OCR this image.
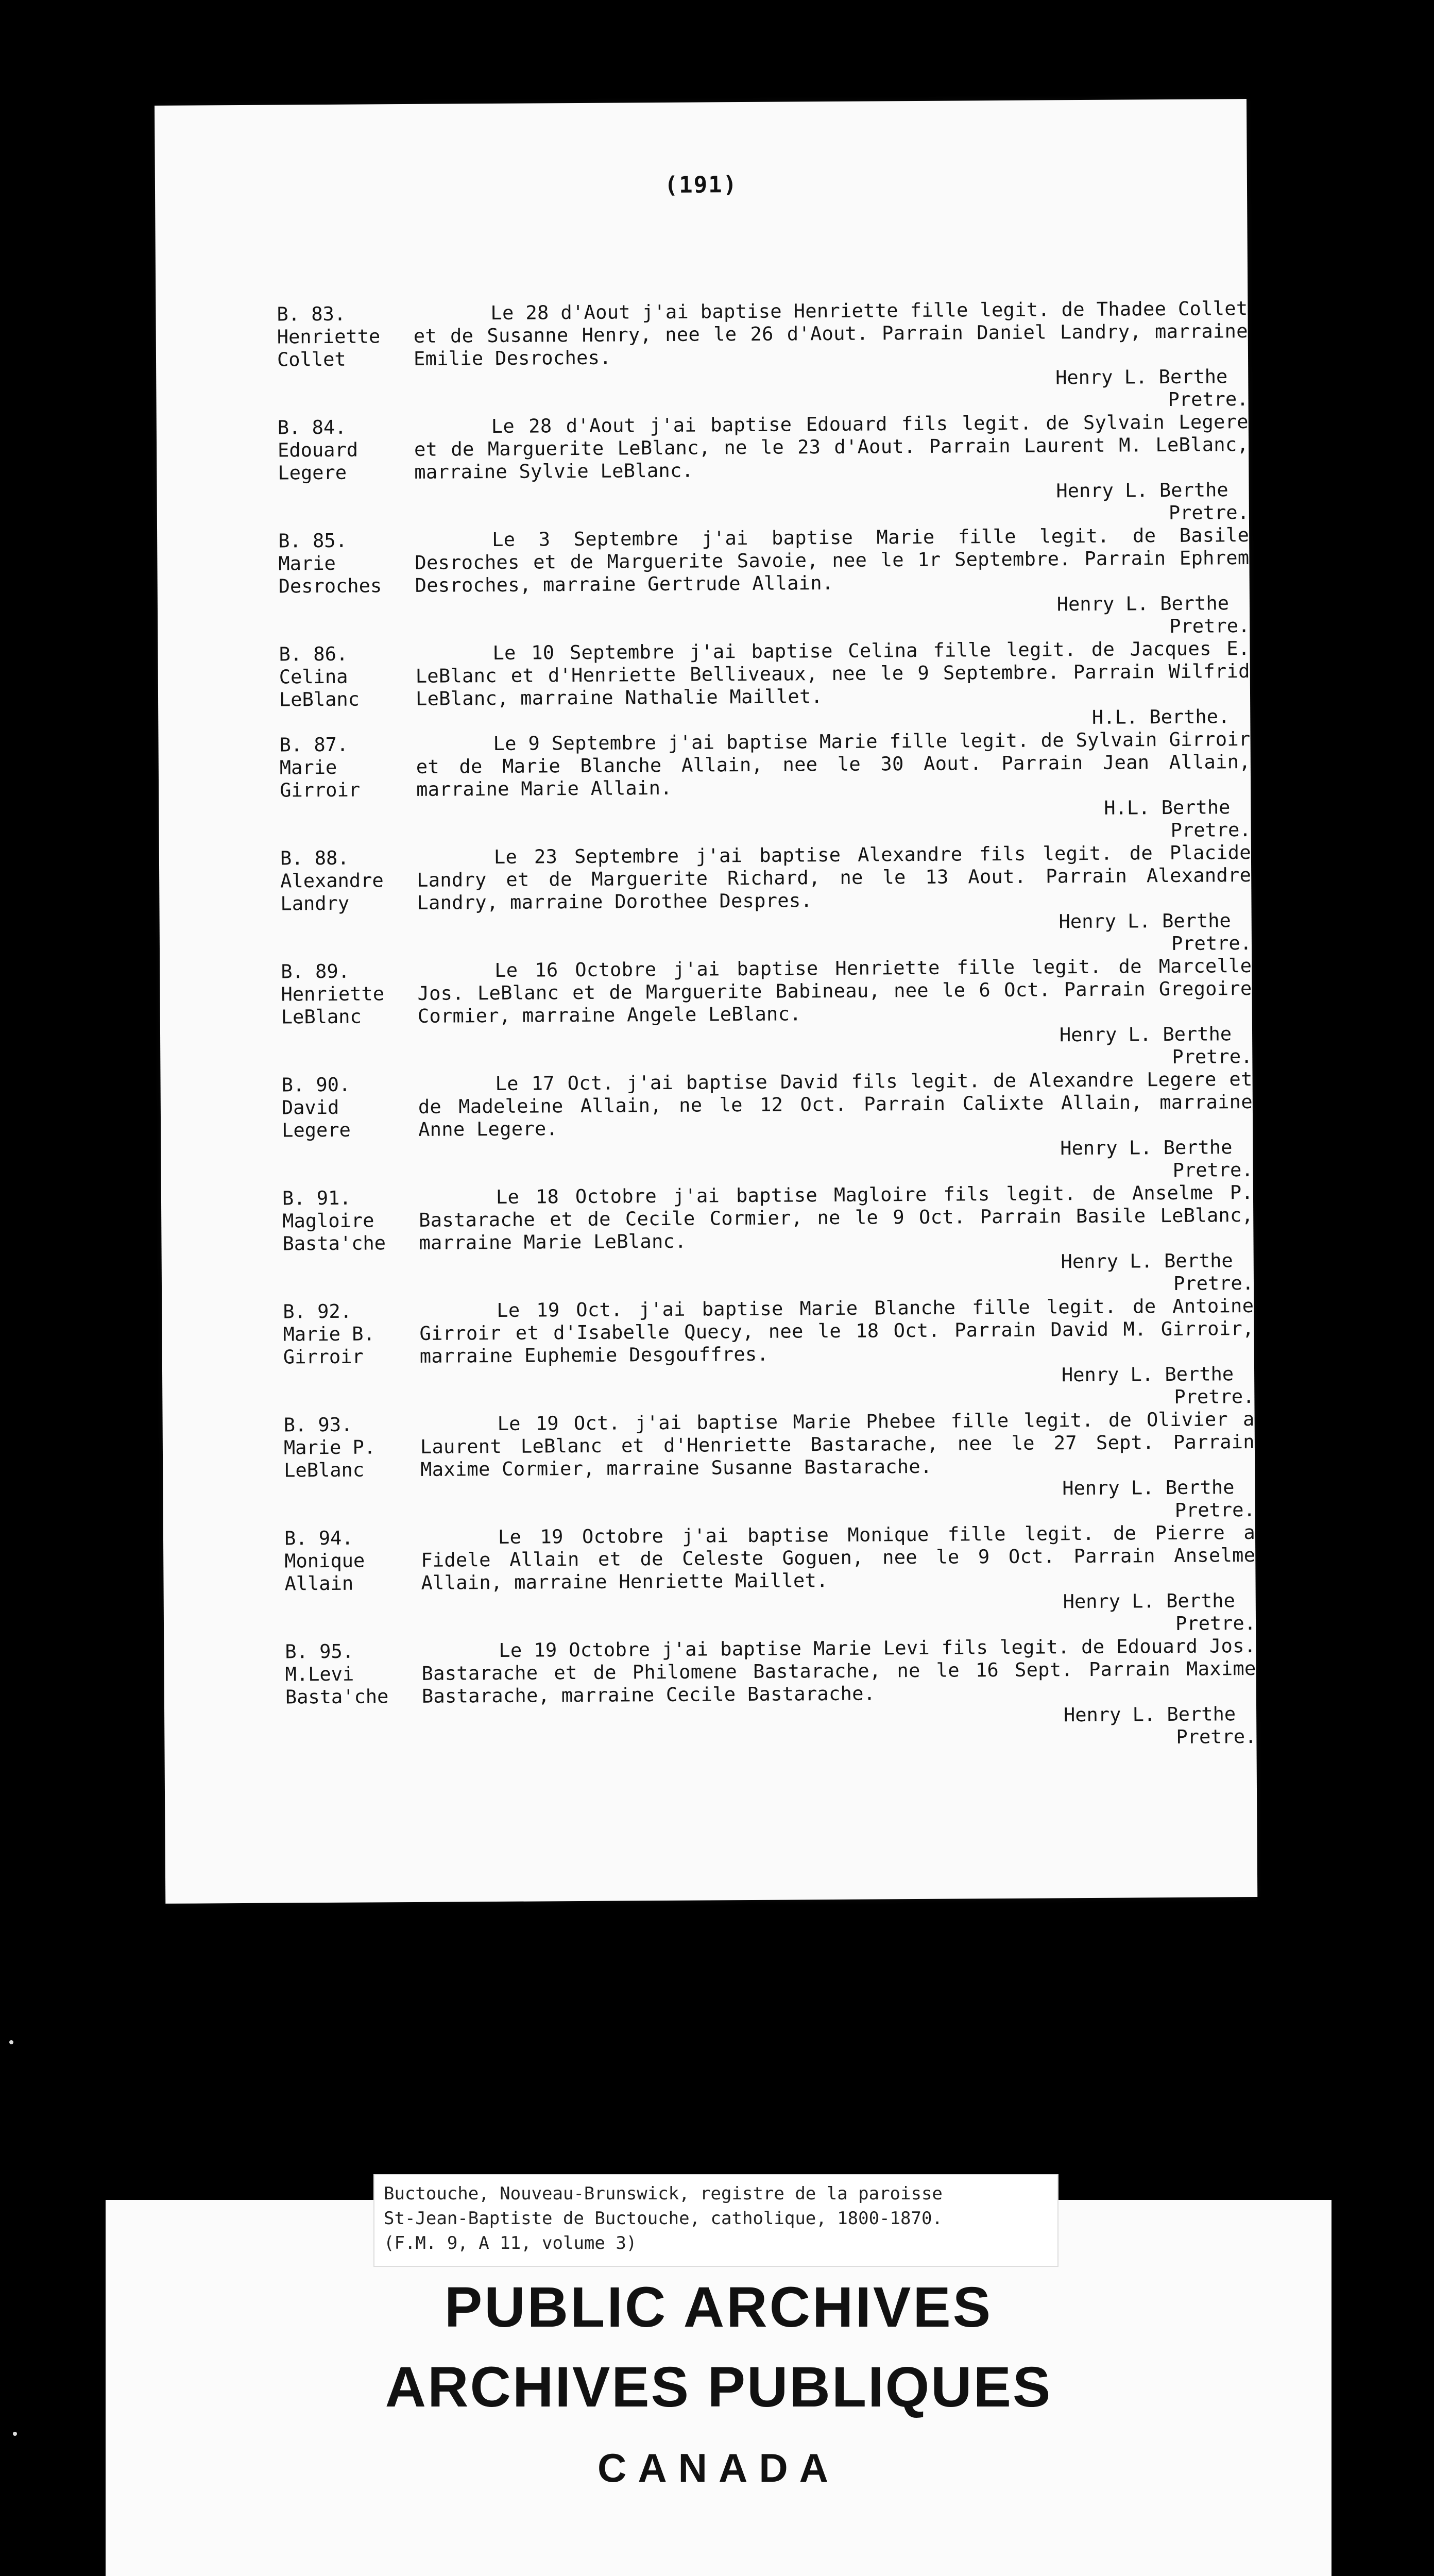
(191)
B. 83.
Henriette
Collet
Le 28 d'Aout j'ai baptise Henriette fille legit. de Thadee Collet et de Susanne Henry, nee le 26 d'Aout. Parrain Daniel Landry, marraine Emilie Desroches.
Henry L. Berthe
Pretre.
B. 84.
Edouard
Legere
Le 28 d'Aout j'ai baptise Edouard fils legit. de Sylvain Legere et de Marguerite LeBlanc, ne le 23 d'Aout. Parrain Laurent M. LeBlanc, marraine Sylvie LeBlanc.
Henry L. Berthe
Pretre.
B. 85.
Marie
Desroches
Le 3 Septembre j'ai baptise Marie fille legit. de Basile Desroches et de Marguerite Savoie, nee le 1r Septembre. Parrain Ephrem Desroches, marraine Gertrude Allain.
Henry L. Berthe
Pretre.
B. 86.
Celina
LeBlanc
Le 10 Septembre j'ai baptise Celina fille legit. de Jacques E. LeBlanc et d'Henriette Belliveaux, nee le 9 Septembre. Parrain Wilfrid LeBlanc, marraine Nathalie Maillet.
H.L. Berthe.
B. 87.
Marie
Girroir
Le 9 Septembre j'ai baptise Marie fille legit. de Sylvain Girroir et de Marie Blanche Allain, nee le 30 Aout. Parrain Jean Allain, marraine Marie Allain.
H.L. Berthe
Pretre.
B. 88.
Alexandre
Landry
Le 23 Septembre j'ai baptise Alexandre fils legit. de Placide Landry et de Marguerite Richard, ne le 13 Aout. Parrain Alexandre Landry, marraine Dorothee Despres.
Henry L. Berthe
Pretre.
B. 89.
Henriette
LeBlanc
Le 16 Octobre j'ai baptise Henriette fille legit. de Marcelle Jos. LeBlanc et de Marguerite Babineau, nee le 6 Oct. Parrain Gregoire Cormier, marraine Angele LeBlanc.
Henry L. Berthe
Pretre.
B. 90.
David
Legere
Le 17 Oct. j'ai baptise David fils legit. de Alexandre Legere et de Madeleine Allain, ne le 12 Oct. Parrain Calixte Allain, marraine Anne Legere.
Henry L. Berthe
Pretre.
B. 91.
Magloire
Basta'che
Le 18 Octobre j'ai baptise Magloire fils legit. de Anselme P. Bastarache et de Cecile Cormier, ne le 9 Oct. Parrain Basile LeBlanc, marraine Marie LeBlanc.
Henry L. Berthe
Pretre.
B. 92.
Marie B.
Girroir
Le 19 Oct. j'ai baptise Marie Blanche fille legit. de Antoine Girroir et d'Isabelle Quecy, nee le 18 Oct. Parrain David M. Girroir, marraine Euphemie Desgouffres.
Henry L. Berthe
Pretre.
B. 93.
Marie P.
LeBlanc
Le 19 Oct. j'ai baptise Marie Phebee fille legit. de Olivier a Laurent LeBlanc et d'Henriette Bastarache, nee le 27 Sept. Parrain Maxime Cormier, marraine Susanne Bastarache.
Henry L. Berthe
Pretre.
B. 94.
Monique
Allain
Le 19 Octobre j'ai baptise Monique fille legit. de Pierre a Fidele Allain et de Celeste Goguen, nee le 9 Oct. Parrain Anselme Allain, marraine Henriette Maillet.
Henry L. Berthe
Pretre.
B. 95.
M.Levi
Basta'che
Le 19 Octobre j'ai baptise Marie Levi fils legit. de Edouard Jos. Bastarache et de Philomene Bastarache, ne le 16 Sept. Parrain Maxime Bastarache, marraine Cecile Bastarache.
Henry L. Berthe
Pretre.
Buctouche, Nouveau-Brunswick, registre de la paroisse
St-Jean-Baptiste de Buctouche, catholique, 1800-1870.
(F.M. 9, A 11, volume 3)
PUBLIC ARCHIVES
ARCHIVES PUBLIQUES
CANADA
